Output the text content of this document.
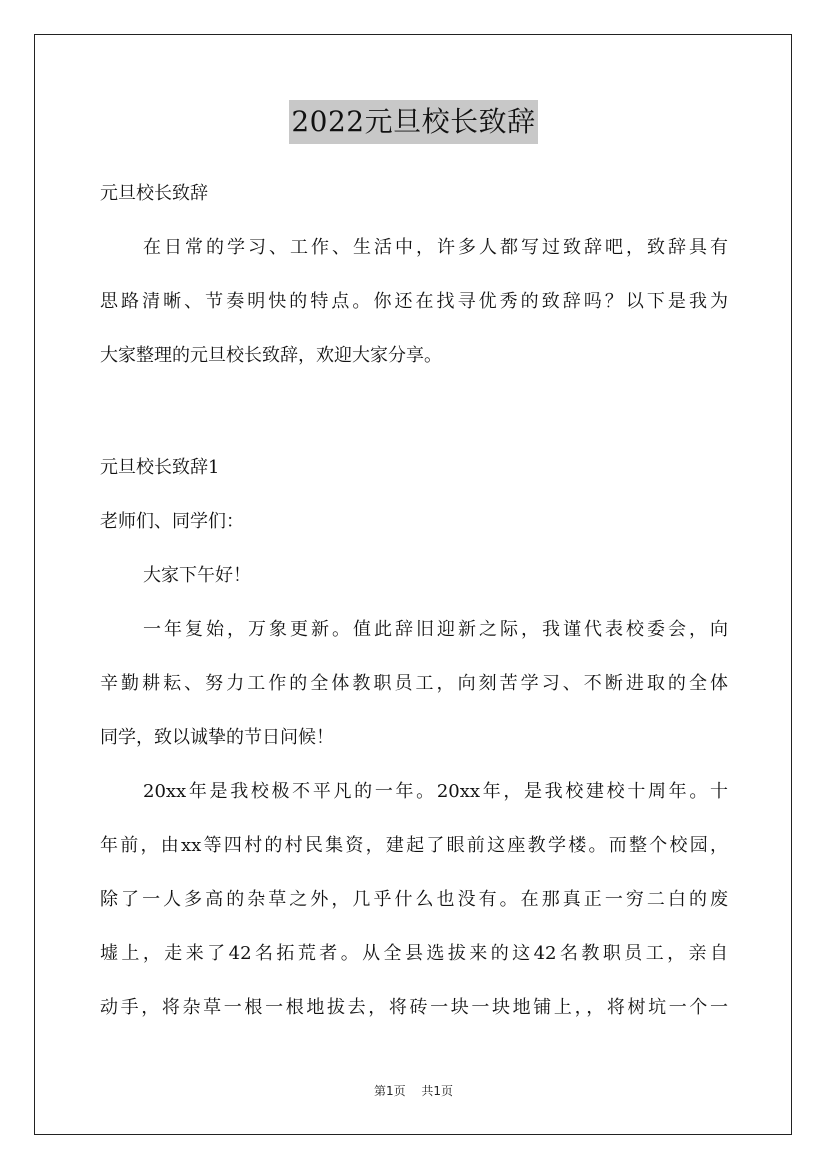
2022元旦校长致辞
元旦校长致辞
在日常的学习、工作、生活中，许多人都写过致辞吧，致辞具有
思路清晰、节奏明快的特点。你还在找寻优秀的致辞吗？以下是我为
大家整理的元旦校长致辞，欢迎大家分享。
元旦校长致辞1
老师们、同学们：
大家下午好！
一年复始，万象更新。值此辞旧迎新之际，我谨代表校委会，向
辛勤耕耘、努力工作的全体教职员工，向刻苦学习、不断进取的全体
同学，致以诚挚的节日问候！
20xx年是我校极不平凡的一年。20xx年，是我校建校十周年。十
年前，由xx等四村的村民集资，建起了眼前这座教学楼。而整个校园，
除了一人多高的杂草之外，几乎什么也没有。在那真正一穷二白的废
墟上，走来了42名拓荒者。从全县选拔来的这42名教职员工，亲自
动手，将杂草一根一根地拔去，将砖一块一块地铺上，，将树坑一个一
第1页 共1页
